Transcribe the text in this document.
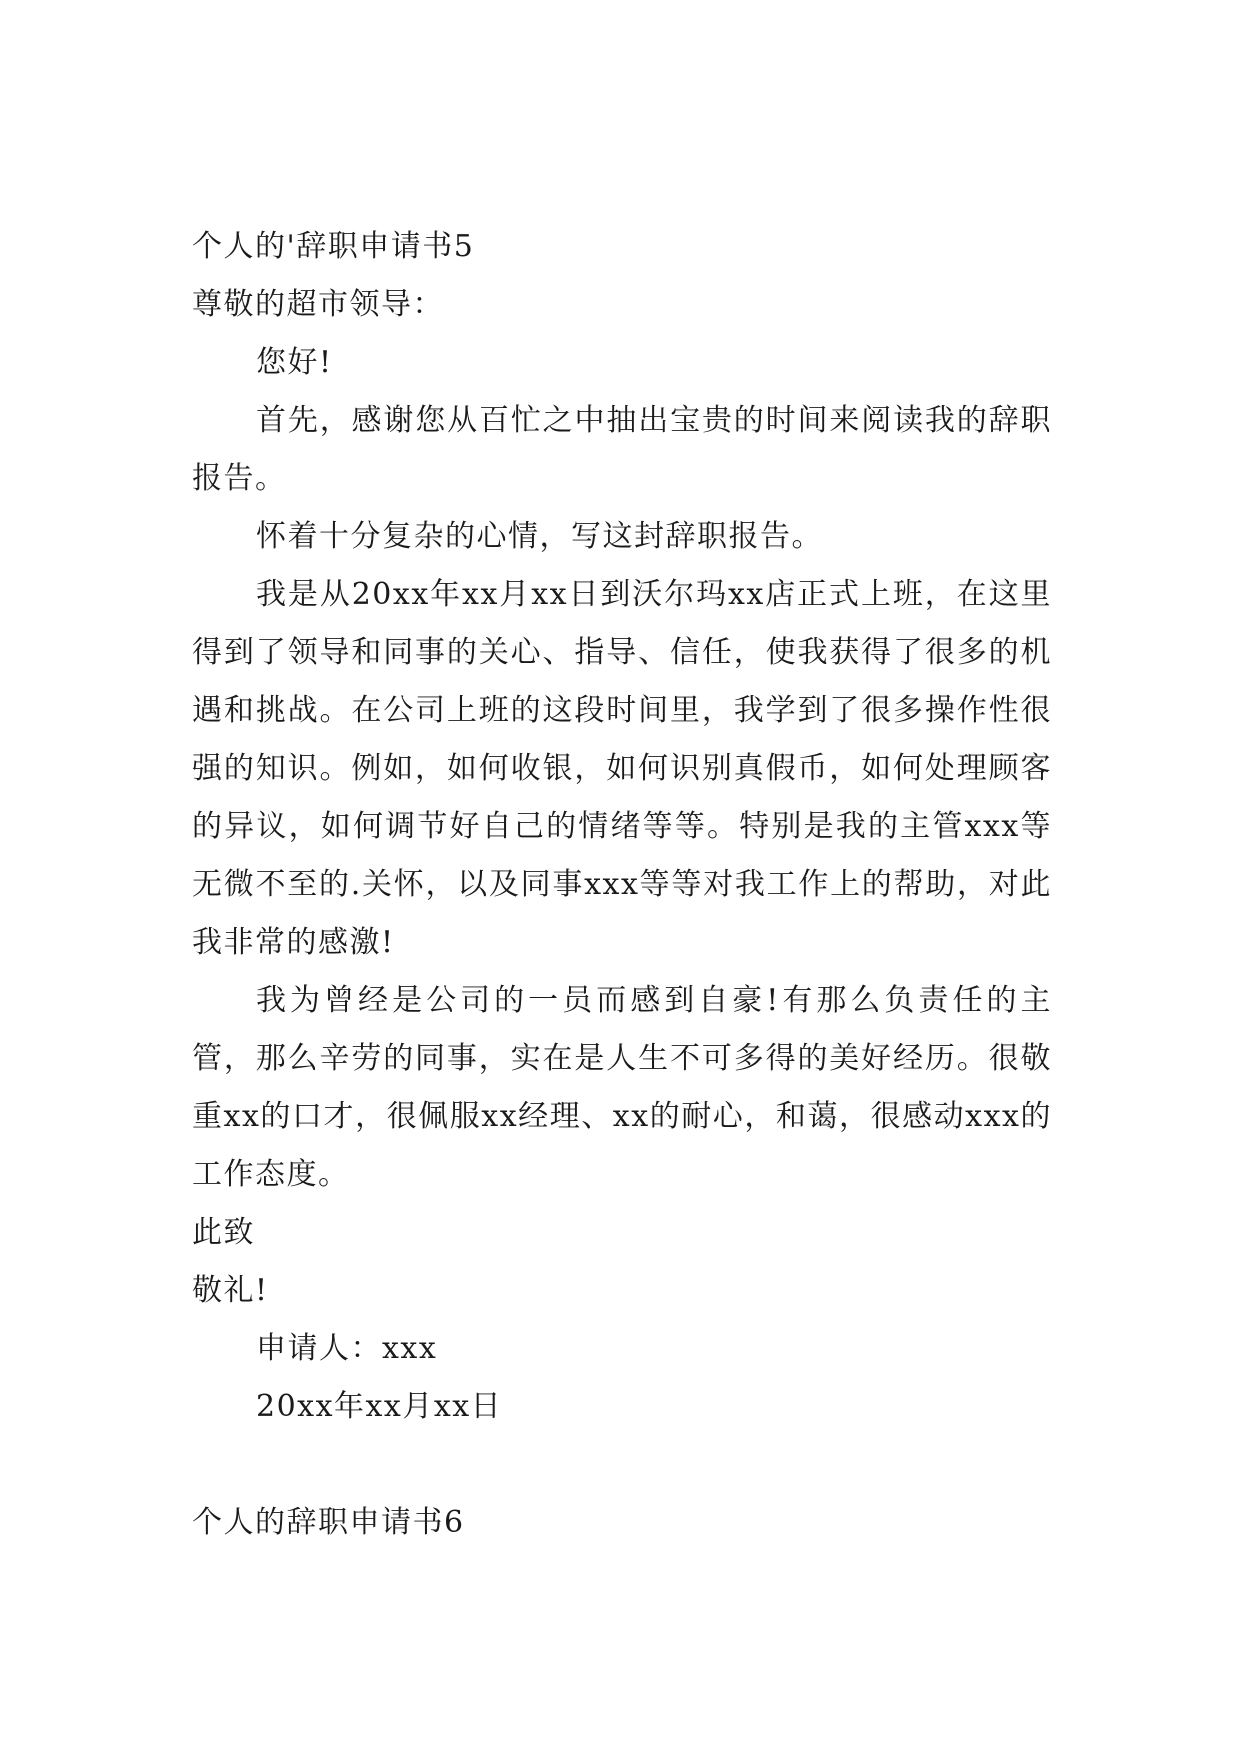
个人的'辞职申请书5

尊敬的超市领导：

您好!

首先，感谢您从百忙之中抽出宝贵的时间来阅读我的辞职报告。

怀着十分复杂的心情，写这封辞职报告。

我是从20xx年xx月xx日到沃尔玛xx店正式上班，在这里得到了领导和同事的关心、指导、信任，使我获得了很多的机遇和挑战。在公司上班的这段时间里，我学到了很多操作性很强的知识。例如，如何收银，如何识别真假币，如何处理顾客的异议，如何调节好自己的情绪等等。特别是我的主管xxx等无微不至的.关怀，以及同事xxx等等对我工作上的帮助，对此我非常的感激!

我为曾经是公司的一员而感到自豪!有那么负责任的主管，那么辛劳的同事，实在是人生不可多得的美好经历。很敬重xx的口才，很佩服xx经理、xx的耐心，和蔼，很感动xxx的工作态度。

此致

敬礼!

申请人：xxx

20xx年xx月xx日

个人的辞职申请书6
